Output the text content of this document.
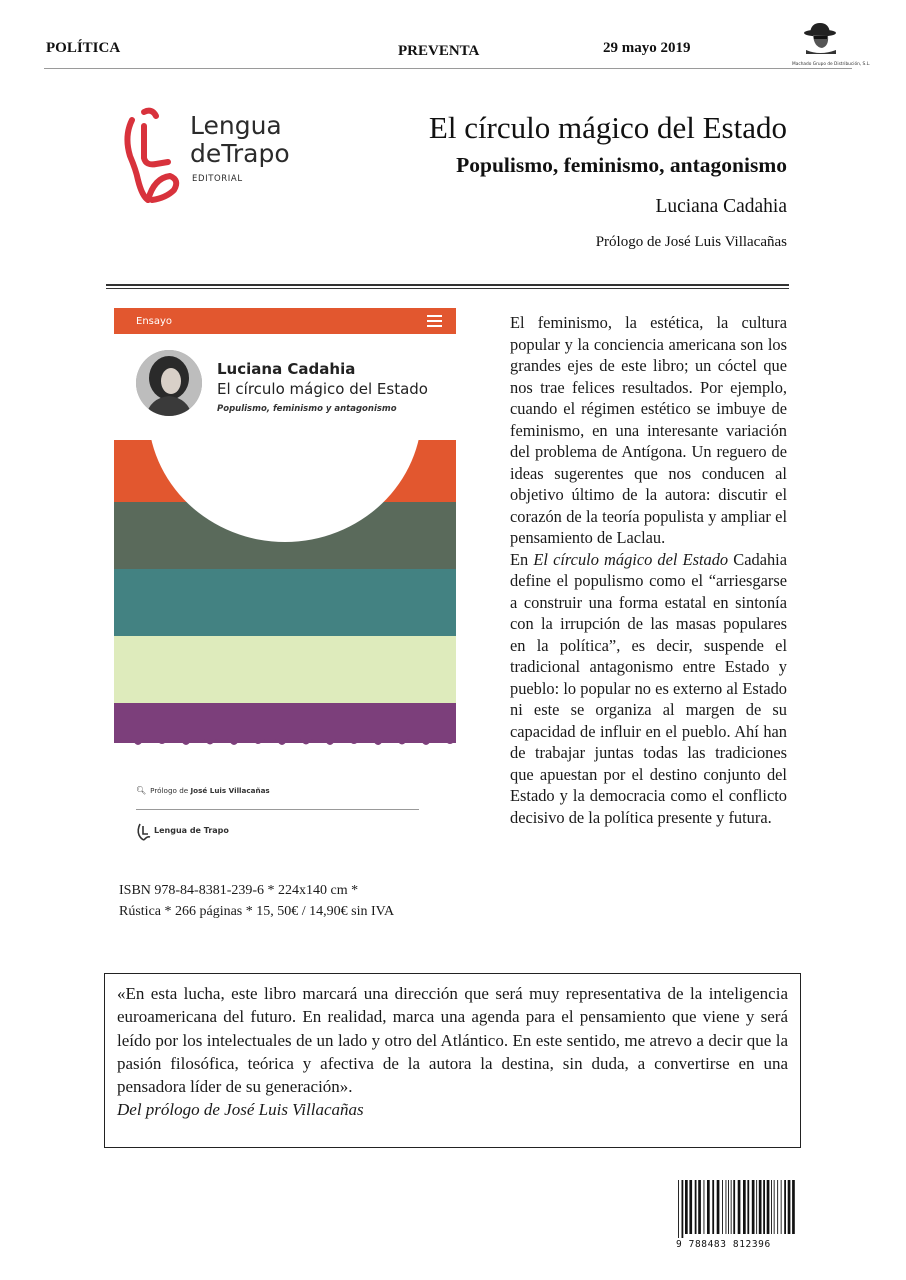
POLÍTICA	PREVENTA	29 mayo 2019
Machado Grupo de Distribución, S.L.
Lengua
deTrapo
EDITORIAL
El círculo mágico del Estado
Populismo, feminismo, antagonismo
Luciana Cadahia
Prólogo de José Luis Villacañas
Ensayo
Luciana Cadahia
El círculo mágico del Estado
Populismo, feminismo y antagonismo
🔍︎ Prólogo de José Luis Villacañas
Lengua de Trapo
ISBN 978-84-8381-239-6 * 224x140 cm *
Rústica * 266 páginas * 15, 50€ / 14,90€ sin IVA

El feminismo, la estética, la cultura popular y la conciencia americana son los grandes ejes de este libro; un cóctel que nos trae felices resultados. Por ejemplo, cuando el régimen estético se imbuye de feminismo, en una interesante variación del problema de Antígona. Un reguero de ideas sugerentes que nos conducen al objetivo último de la autora: discutir el corazón de la teoría populista y ampliar el pensamiento de Laclau.

En El círculo mágico del Estado Cadahia define el populismo como el “arriesgarse a construir una forma estatal en sintonía con la irrupción de las masas populares en la política”, es decir, suspende el tradicional antagonismo entre Estado y pueblo: lo popular no es externo al Estado ni este se organiza al margen de su capacidad de influir en el pueblo. Ahí han de trabajar juntas todas las tradiciones que apuestan por el destino conjunto del Estado y la democracia como el conflicto decisivo de la política presente y futura.

«En esta lucha, este libro marcará una dirección que será muy representativa de la inteligencia euroamericana del futuro. En realidad, marca una agenda para el pensamiento que viene y será leído por los intelectuales de un lado y otro del Atlántico. En este sentido, me atrevo a decir que la pasión filosófica, teórica y afectiva de la autora la destina, sin duda, a convertirse en una pensadora líder de su generación».

Del prólogo de José Luis Villacañas

9 788483 812396
